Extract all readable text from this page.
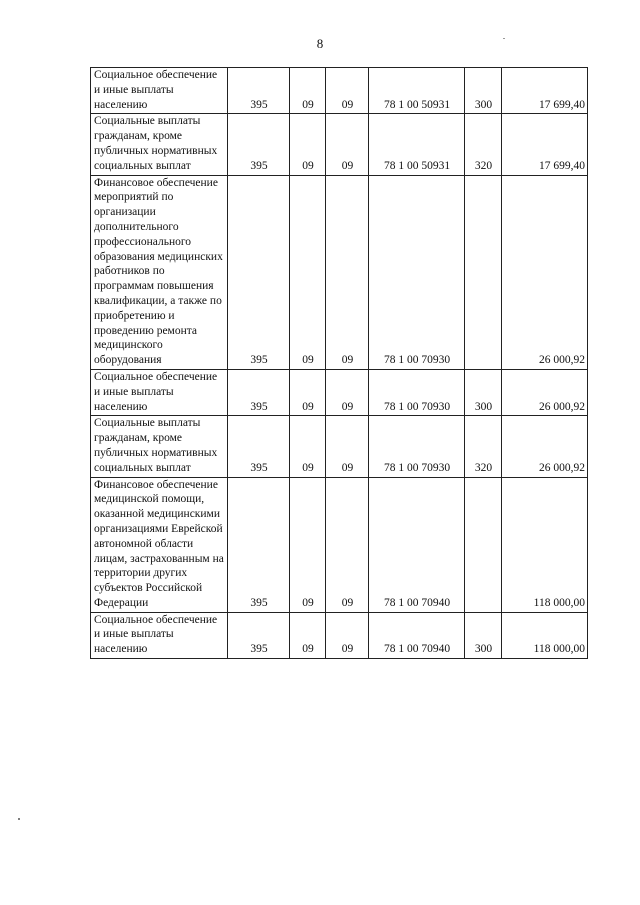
8
Социальное обеспечение и иные выплаты населению	395	09	09	78 1 00 50931	300	17 699,40
Социальные выплаты гражданам, кроме публичных нормативных социальных выплат	395	09	09	78 1 00 50931	320	17 699,40
Финансовое обеспечение мероприятий по организации дополнительного профессионального образования медицинских работников по программам повышения квалификации, а также по приобретению и проведению ремонта медицинского оборудования	395	09	09	78 1 00 70930		26 000,92
Социальное обеспечение и иные выплаты населению	395	09	09	78 1 00 70930	300	26 000,92
Социальные выплаты гражданам, кроме публичных нормативных социальных выплат	395	09	09	78 1 00 70930	320	26 000,92
Финансовое обеспечение медицинской помощи, оказанной медицинскими организациями Еврейской автономной области лицам, застрахованным на территории других субъектов Российской Федерации	395	09	09	78 1 00 70940		118 000,00
Социальное обеспечение и иные выплаты населению	395	09	09	78 1 00 70940	300	118 000,00
